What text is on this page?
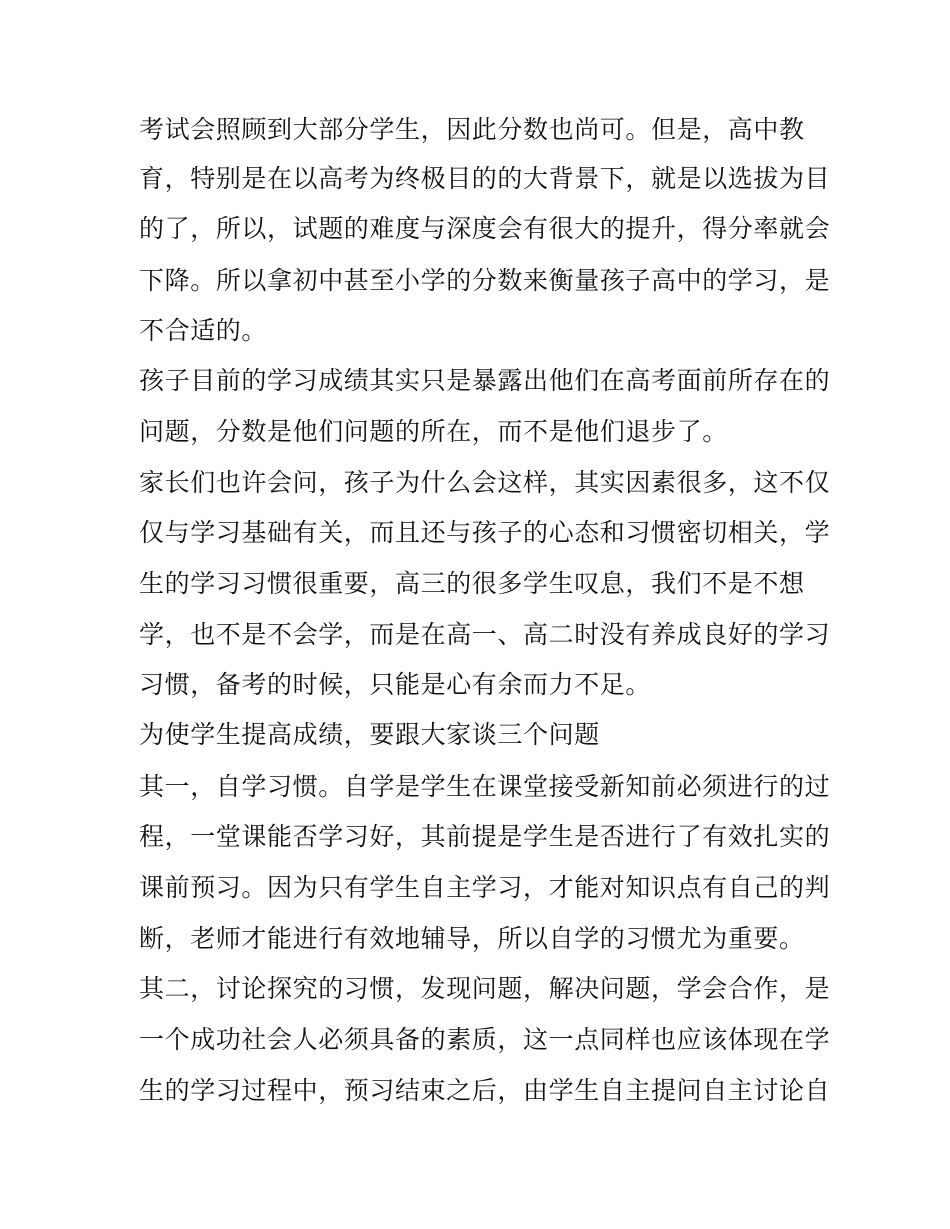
考试会照顾到大部分学生，因此分数也尚可。但是，高中教
育，特别是在以高考为终极目的的大背景下，就是以选拔为目
的了，所以，试题的难度与深度会有很大的提升，得分率就会
下降。所以拿初中甚至小学的分数来衡量孩子高中的学习，是
不合适的。
孩子目前的学习成绩其实只是暴露出他们在高考面前所存在的
问题，分数是他们问题的所在，而不是他们退步了。
家长们也许会问，孩子为什么会这样，其实因素很多，这不仅
仅与学习基础有关，而且还与孩子的心态和习惯密切相关，学
生的学习习惯很重要，高三的很多学生叹息，我们不是不想
学，也不是不会学，而是在高一、高二时没有养成良好的学习
习惯，备考的时候，只能是心有余而力不足。
为使学生提高成绩，要跟大家谈三个问题
其一，自学习惯。自学是学生在课堂接受新知前必须进行的过
程，一堂课能否学习好，其前提是学生是否进行了有效扎实的
课前预习。因为只有学生自主学习，才能对知识点有自己的判
断，老师才能进行有效地辅导，所以自学的习惯尤为重要。
其二，讨论探究的习惯，发现问题，解决问题，学会合作，是
一个成功社会人必须具备的素质，这一点同样也应该体现在学
生的学习过程中，预习结束之后，由学生自主提问自主讨论自
